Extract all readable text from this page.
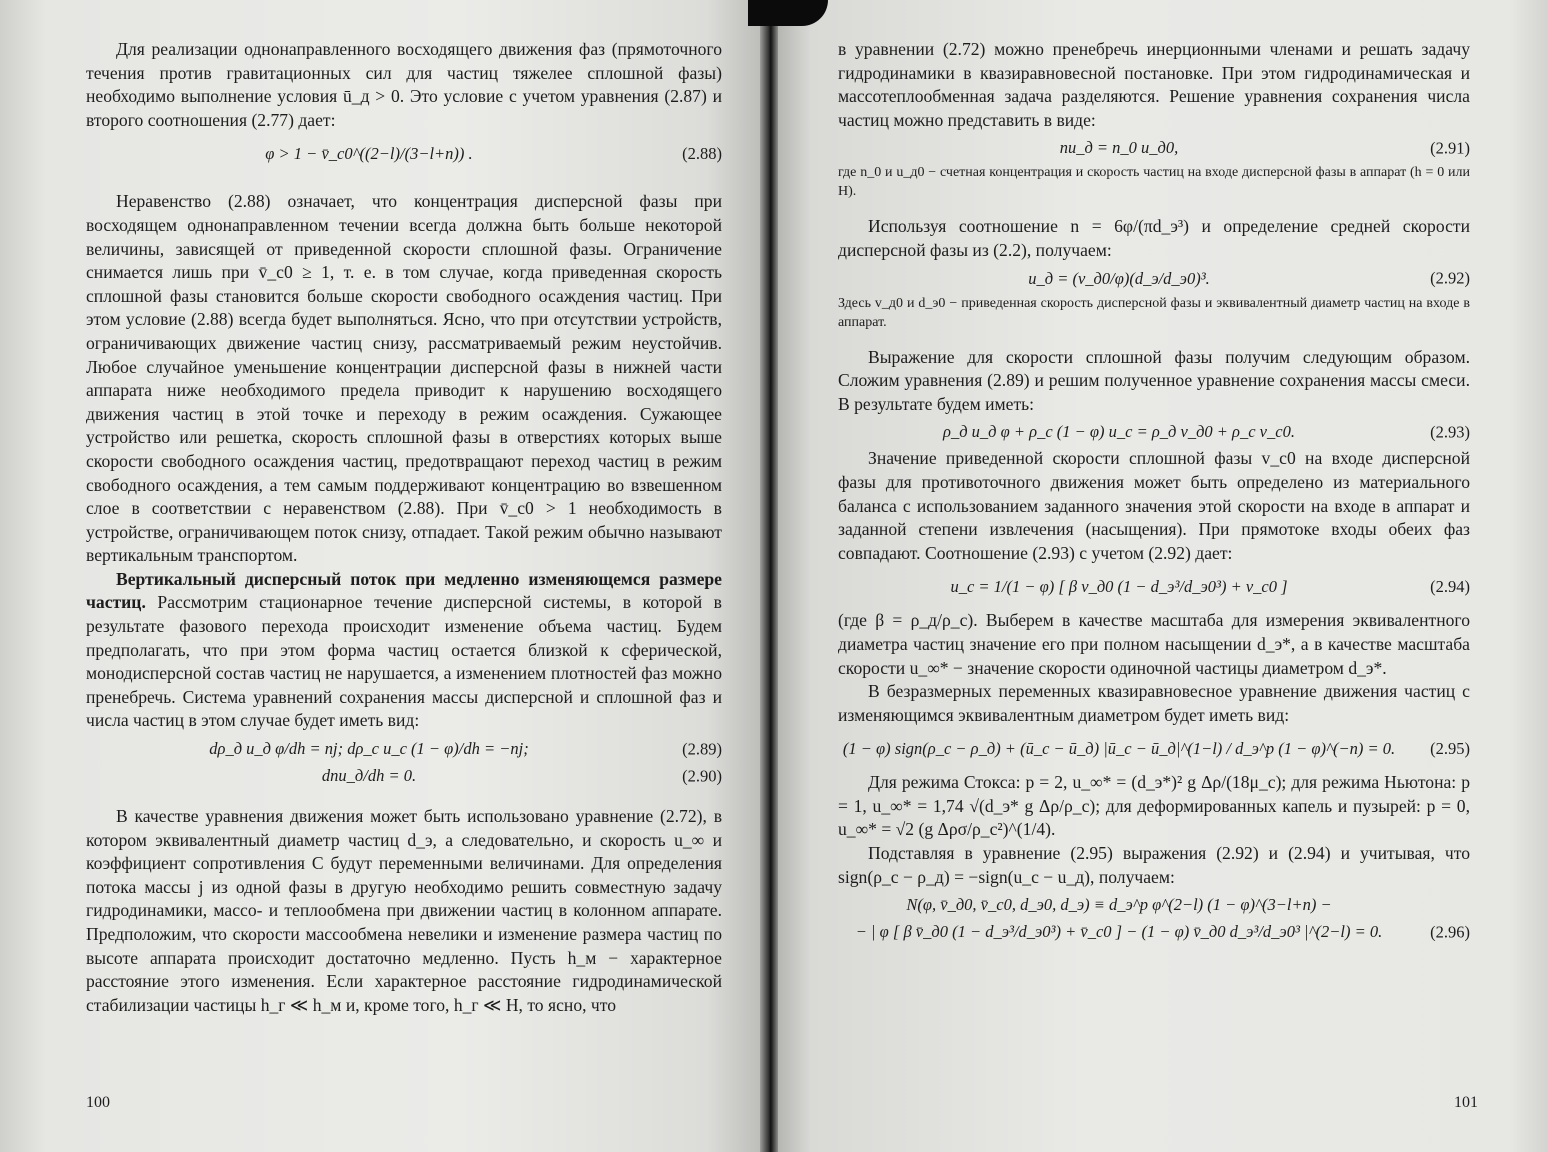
Для реализации однонаправленного восходящего движения фаз (прямоточного течения против гравитационных сил для частиц тяжелее сплошной фазы) необходимо выполнение условия ū_д > 0. Это условие с учетом уравнения (2.87) и второго соотношения (2.77) дает:

φ > 1 − v̄_c0^((2−l)/(3−l+n)) .	(2.88)

Неравенство (2.88) означает, что концентрация дисперсной фазы при восходящем однонаправленном течении всегда должна быть больше некоторой величины, зависящей от приведенной скорости сплошной фазы. Ограничение снимается лишь при v̄_c0 ≥ 1, т. е. в том случае, когда приведенная скорость сплошной фазы становится больше скорости свободного осаждения частиц. При этом условие (2.88) всегда будет выполняться. Ясно, что при отсутствии устройств, ограничивающих движение частиц снизу, рассматриваемый режим неустойчив. Любое случайное уменьшение концентрации дисперсной фазы в нижней части аппарата ниже необходимого предела приводит к нарушению восходящего движения частиц в этой точке и переходу в режим осаждения. Сужающее устройство или решетка, скорость сплошной фазы в отверстиях которых выше скорости свободного осаждения частиц, предотвращают переход частиц в режим свободного осаждения, а тем самым поддерживают концентрацию во взвешенном слое в соответствии с неравенством (2.88). При v̄_c0 > 1 необходимость в устройстве, ограничивающем поток снизу, отпадает. Такой режим обычно называют вертикальным транспортом.

Вертикальный дисперсный поток при медленно изменяющемся размере частиц. Рассмотрим стационарное течение дисперсной системы, в которой в результате фазового перехода происходит изменение объема частиц. Будем предполагать, что при этом форма частиц остается близкой к сферической, монодисперсной состав частиц не нарушается, а изменением плотностей фаз можно пренебречь. Система уравнений сохранения массы дисперсной и сплошной фаз и числа частиц в этом случае будет иметь вид:

dρ_д u_д φ/dh = nj; dρ_c u_c (1 − φ)/dh = −nj;	(2.89)
dnu_д/dh = 0.	(2.90)

В качестве уравнения движения может быть использовано уравнение (2.72), в котором эквивалентный диаметр частиц d_э, а следовательно, и скорость u_∞ и коэффициент сопротивления C будут переменными величинами. Для определения потока массы j из одной фазы в другую необходимо решить совместную задачу гидродинамики, массо- и теплообмена при движении частиц в колонном аппарате. Предположим, что скорости массообмена невелики и изменение размера частиц по высоте аппарата происходит достаточно медленно. Пусть h_м − характерное расстояние этого изменения. Если характерное расстояние гидродинамической стабилизации частицы h_г ≪ h_м и, кроме того, h_г ≪ H, то ясно, что

100

в уравнении (2.72) можно пренебречь инерционными членами и решать задачу гидродинамики в квазиравновесной постановке. При этом гидродинамическая и массотеплообменная задача разделяются. Решение уравнения сохранения числа частиц можно представить в виде:

nu_д = n_0 u_д0,	(2.91)

где n_0 и u_д0 − счетная концентрация и скорость частиц на входе дисперсной фазы в аппарат (h = 0 или H).

Используя соотношение n = 6φ/(πd_э³) и определение средней скорости дисперсной фазы из (2.2), получаем:

u_д = (v_д0/φ)(d_э/d_э0)³.	(2.92)

Здесь v_д0 и d_э0 − приведенная скорость дисперсной фазы и эквивалентный диаметр частиц на входе в аппарат.

Выражение для скорости сплошной фазы получим следующим образом. Сложим уравнения (2.89) и решим полученное уравнение сохранения массы смеси. В результате будем иметь:

ρ_д u_д φ + ρ_c (1 − φ) u_c = ρ_д v_д0 + ρ_c v_c0.	(2.93)

Значение приведенной скорости сплошной фазы v_c0 на входе дисперсной фазы для противоточного движения может быть определено из материального баланса с использованием заданного значения этой скорости на входе в аппарат и заданной степени извлечения (насыщения). При прямотоке входы обеих фаз совпадают. Соотношение (2.93) с учетом (2.92) дает:

u_c = 1/(1 − φ) [ β v_д0 (1 − d_э³/d_э0³) + v_c0 ]	(2.94)

(где β = ρ_д/ρ_c). Выберем в качестве масштаба для измерения эквивалентного диаметра частиц значение его при полном насыщении d_э*, а в качестве масштаба скорости u_∞* − значение скорости одиночной частицы диаметром d_э*.

В безразмерных переменных квазиравновесное уравнение движения частиц с изменяющимся эквивалентным диаметром будет иметь вид:

(1 − φ) sign(ρ_c − ρ_д) + (ū_c − ū_д) |ū_c − ū_д|^(1−l) / d_э^p (1 − φ)^(−n) = 0. (2.95)

Для режима Стокса: p = 2, u_∞* = (d_э*)² g Δρ/(18μ_c); для режима Ньютона: p = 1, u_∞* = 1,74 √(d_э* g Δρ/ρ_c); для деформированных капель и пузырей: p = 0, u_∞* = √2 (g Δρσ/ρ_c²)^(1/4).

Подставляя в уравнение (2.95) выражения (2.92) и (2.94) и учитывая, что sign(ρ_c − ρ_д) = −sign(u_c − u_д), получаем:

N(φ, v̄_д0, v̄_c0, d_э0, d_э) ≡ d_э^p φ^(2−l) (1 − φ)^(3−l+n) −
− | φ [ β v̄_д0 (1 − d_э³/d_э0³) + v̄_c0 ] − (1 − φ) v̄_д0 d_э³/d_э0³ |^(2−l) = 0.	(2.96)
101
